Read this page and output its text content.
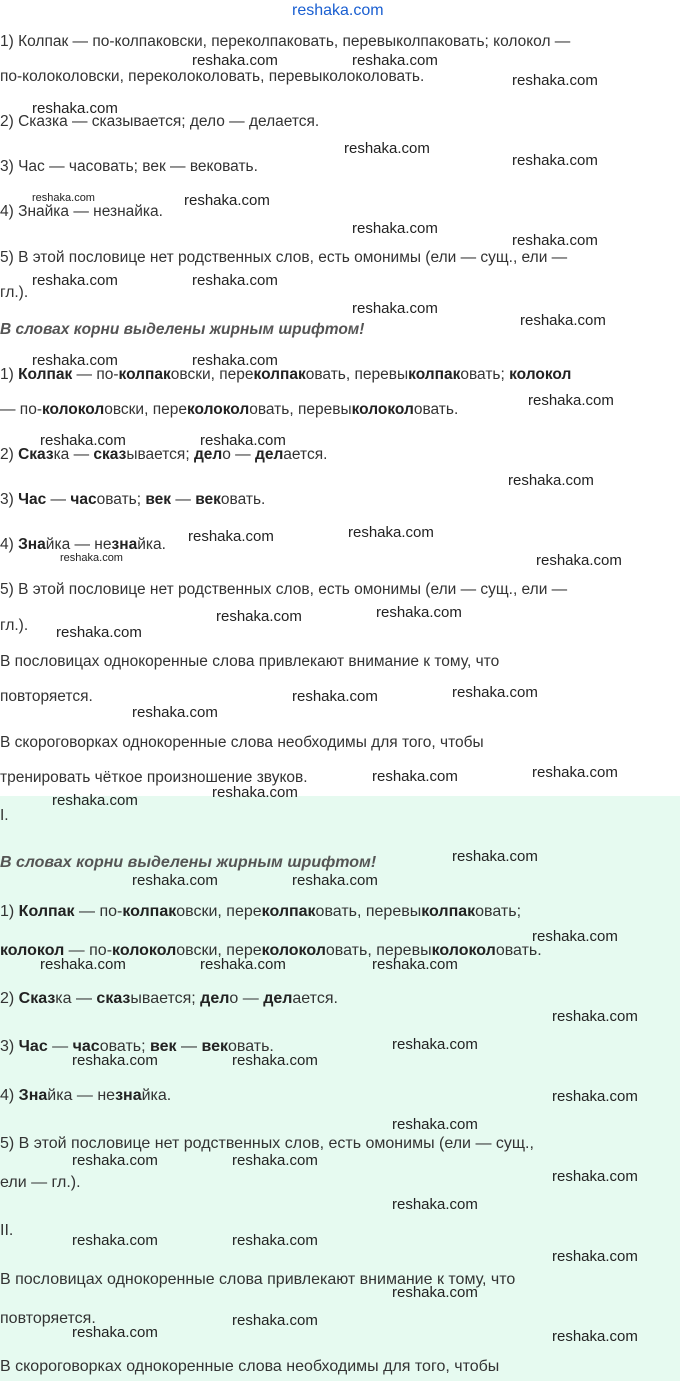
reshaka.com

1) Колпак — по-колпаковски, переколпаковать, перевыколпаковать; колокол —

по-колоколовски, переколоколовать, перевыколоколовать.

2) Сказка — сказывается; дело — делается.

3) Час — часовать; век — вековать.

4) Знайка — незнайка.

5) В этой пословице нет родственных слов, есть омонимы (ели — сущ., ели —

гл.).

В словах корни выделены жирным шрифтом!

1) Колпак — по-колпаковски, переколпаковать, перевыколпаковать; колокол

— по-колоколовски, переколоколовать, перевыколоколовать.

2) Сказка — сказывается; дело — делается.

3) Час — часовать; век — вековать.

4) Знайка — незнайка.

5) В этой пословице нет родственных слов, есть омонимы (ели — сущ., ели —

гл.).

В пословицах однокоренные слова привлекают внимание к тому, что

повторяется.

В скороговорках однокоренные слова необходимы для того, чтобы

тренировать чёткое произношение звуков.

I.

В словах корни выделены жирным шрифтом!

1) Колпак — по-колпаковски, переколпаковать, перевыколпаковать;

колокол — по-колоколовски, переколоколовать, перевыколоколовать.

2) Сказка — сказывается; дело — делается.

3) Час — часовать; век — вековать.

4) Знайка — незнайка.

5) В этой пословице нет родственных слов, есть омонимы (ели — сущ.,

ели — гл.).

II.

В пословицах однокоренные слова привлекают внимание к тому, что

повторяется.

В скороговорках однокоренные слова необходимы для того, чтобы

reshaka.com	reshaka.com
reshaka.com
reshaka.com
reshaka.com
reshaka.com
reshaka.com	reshaka.com
reshaka.com
reshaka.com
reshaka.com	reshaka.com
reshaka.com
reshaka.com
reshaka.com	reshaka.com
reshaka.com
reshaka.com	reshaka.com
reshaka.com
reshaka.com
reshaka.com
reshaka.com	reshaka.com
reshaka.com
reshaka.com
reshaka.com
reshaka.com
reshaka.com
reshaka.com
reshaka.com
reshaka.com
reshaka.com
reshaka.com
reshaka.com
reshaka.com	reshaka.com
reshaka.com
reshaka.com	reshaka.com	reshaka.com
reshaka.com
reshaka.com
reshaka.com	reshaka.com
reshaka.com
reshaka.com
reshaka.com	reshaka.com
reshaka.com
reshaka.com
reshaka.com	reshaka.com
reshaka.com
reshaka.com
reshaka.com
reshaka.com	reshaka.com
